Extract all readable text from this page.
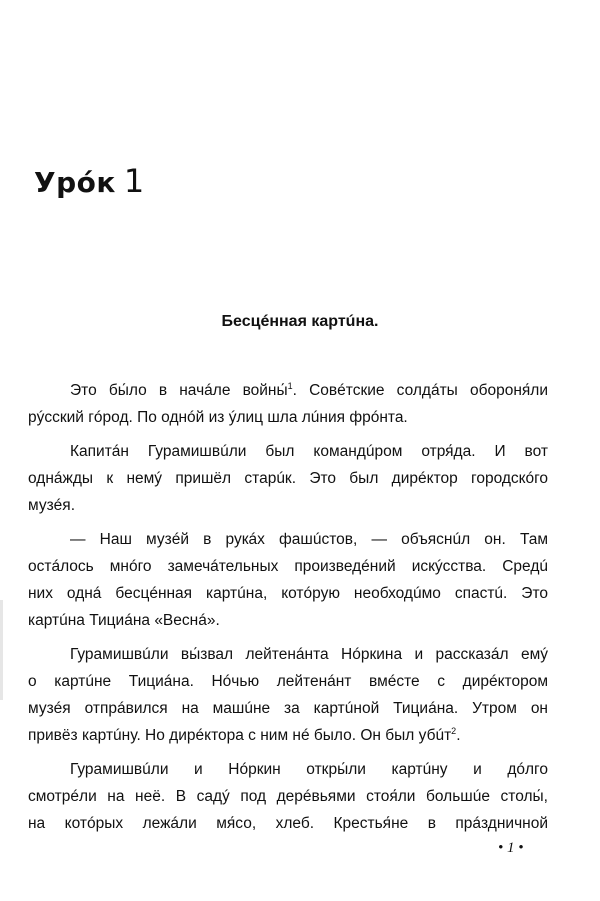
Урóк 1
Бесцéнная картúна.

Это бы́ло в начáле войны́$^1$. Совéтские солдáты обороня́ли
рýсский гóрод. По однóй из ýлиц шла лúния фрóнта.

Капитáн Гурамишвúли был командúром отря́да. И вот
однáжды к немý пришёл старúк. Это был дирéктор городскóго
музéя.

— Наш музéй в рукáх фашúстов, — объяснúл он. Там
остáлось мнóго замечáтельных произведéний искýсства. Средú
них однá бесцéнная картúна, котóрую необходúмо спастú. Это
картúна Тициáна «Веснá».

Гурамишвúли вы́звал лейтенáнта Нóркина и рассказáл емý
о картúне Тициáна. Нóчью лейтенáнт вмéсте с дирéктором
музéя отпрáвился на машúне за картúной Тициáна. Утром он
привёз картúну. Но дирéктора с ним нé было. Он был убúт$^2$.

Гурамишвúли и Нóркин откры́ли картúну и дóлго
смотрéли на неё. В садý под дерéвьями стоя́ли большúе столы́,
на котóрых лежáли мя́со, хлеб. Крестья́не в прáздничной

• 1 •
